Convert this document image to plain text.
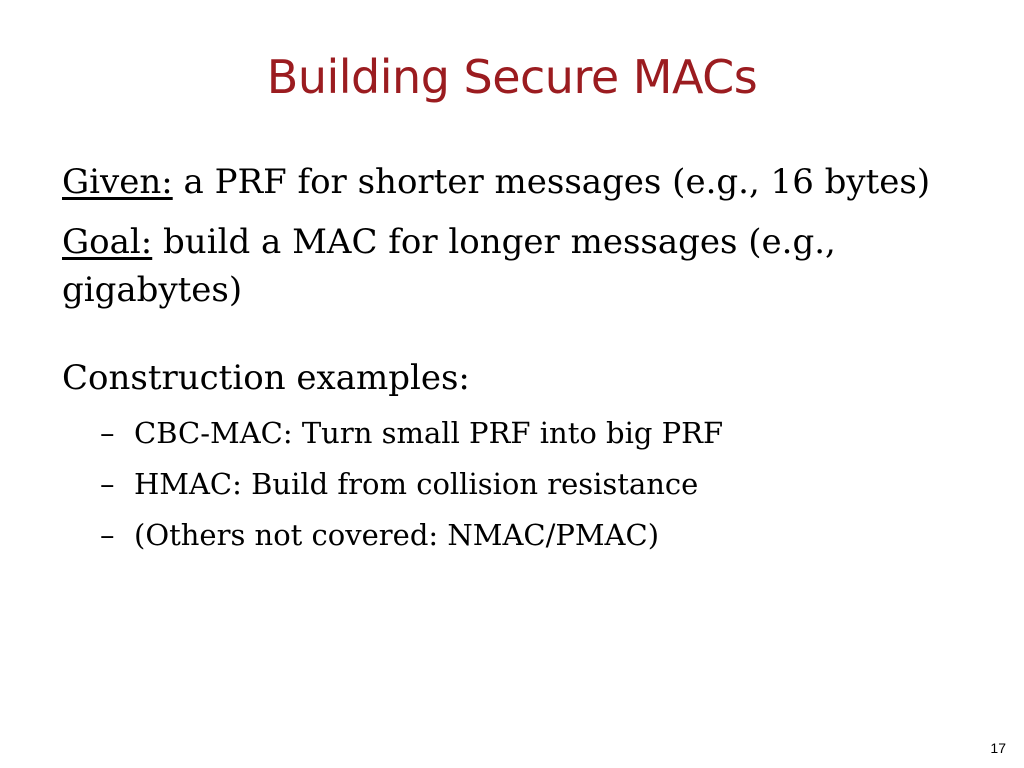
Building Secure MACs

Given: a PRF for shorter messages (e.g., 16 bytes)

Goal: build a MAC for longer messages (e.g., gigabytes)

Construction examples:

– CBC-MAC: Turn small PRF into big PRF
– HMAC: Build from collision resistance
– (Others not covered: NMAC/PMAC)
17
